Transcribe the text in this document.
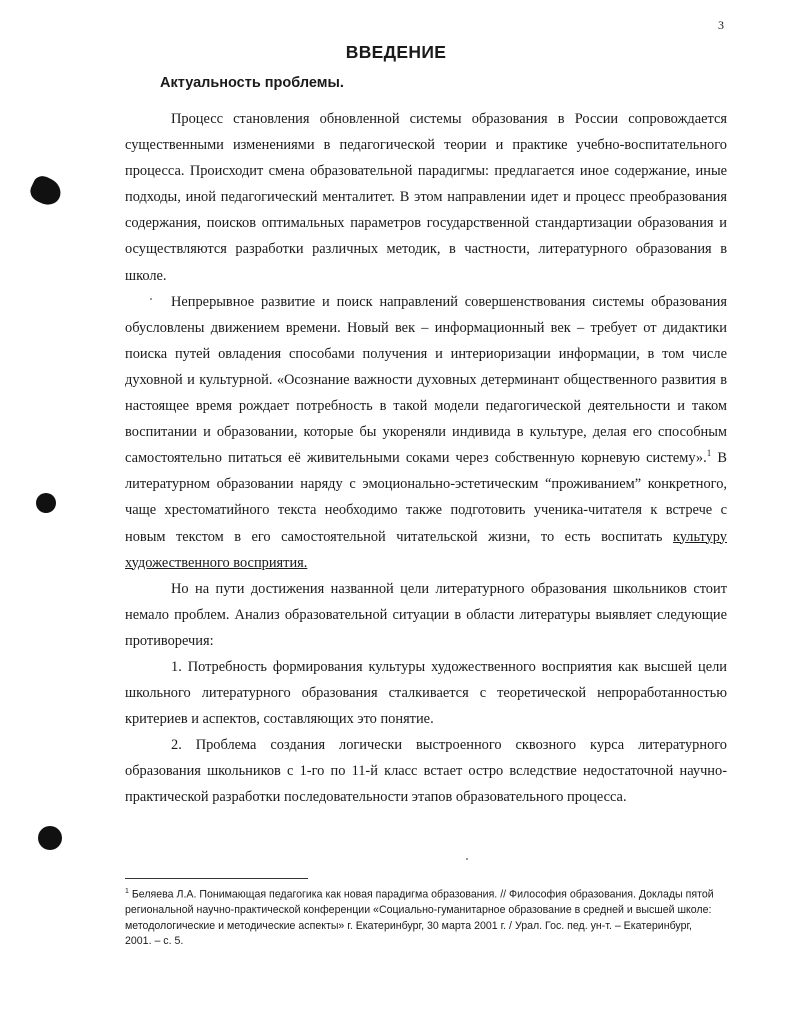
3
ВВЕДЕНИЕ
Актуальность проблемы.

Процесс становления обновленной системы образования в России сопровождается существенными изменениями в педагогической теории и практике учебно-воспитательного процесса. Происходит смена образовательной парадигмы: предлагается иное содержание, иные подходы, иной педагогический менталитет. В этом направлении идет и процесс преобразования содержания, поисков оптимальных параметров государственной стандартизации образования и осуществляются разработки различных методик, в частности, литературного образования в школе.

Непрерывное развитие и поиск направлений совершенствования системы образования обусловлены движением времени. Новый век – информационный век – требует от дидактики поиска путей овладения способами получения и интериоризации информации, в том числе духовной и культурной. «Осознание важности духовных детерминант общественного развития в настоящее время рождает потребность в такой модели педагогической деятельности и таком воспитании и образовании, которые бы укореняли индивида в культуре, делая его способным самостоятельно питаться её живительными соками через собственную корневую систему».$^1$ В литературном образовании наряду с эмоционально-эстетическим “проживанием” конкретного, чаще хрестоматийного текста необходимо также подготовить ученика-читателя к встрече с новым текстом в его самостоятельной читательской жизни, то есть воспитать культуру художественного восприятия.

Но на пути достижения названной цели литературного образования школьников стоит немало проблем. Анализ образовательной ситуации в области литературы выявляет следующие противоречия:

1. Потребность формирования культуры художественного восприятия как высшей цели школьного литературного образования сталкивается с теоретической непроработанностью критериев и аспектов, составляющих это понятие.

2. Проблема создания логически выстроенного сквозного курса литературного образования школьников с 1-го по 11-й класс встает остро вследствие недостаточной научно-практической разработки последовательности этапов образовательного процесса.

$^1$ Беляева Л.А. Понимающая педагогика как новая парадигма образования. // Философия образования. Доклады пятой региональной научно-практической конференции «Социально-гуманитарное образование в средней и высшей школе: методологические и методические аспекты» г. Екатеринбург, 30 марта 2001 г. / Урал. Гос. пед. ун-т. – Екатеринбург, 2001. – с. 5.
